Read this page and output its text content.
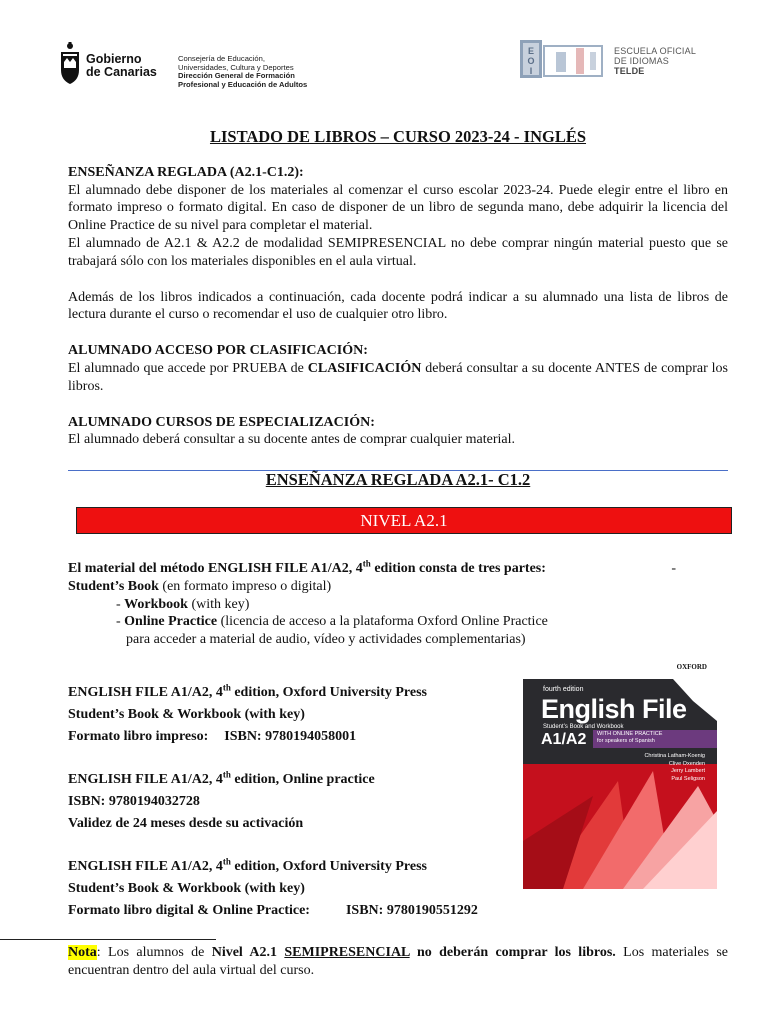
Gobierno
de Canarias
Consejería de Educación,
Universidades, Cultura y Deportes
Dirección General de Formación
Profesional y Educación de Adultos
E
O
I
ESCUELA OFICIAL
DE IDIOMAS
TELDE
LISTADO DE LIBROS – CURSO 2023-24 - INGLÉS
ENSEÑANZA REGLADA (A2.1-C1.2):
El alumnado debe disponer de los materiales al comenzar el curso escolar 2023-24. Puede elegir entre el libro en formato impreso o formato digital. En caso de disponer de un libro de segunda mano, debe adquirir la licencia del Online Practice de su nivel para completar el material.
El alumnado de A2.1 & A2.2 de modalidad SEMIPRESENCIAL no debe comprar ningún material puesto que se trabajará sólo con los materiales disponibles en el aula virtual.
Además de los libros indicados a continuación, cada docente podrá indicar a su alumnado una lista de libros de lectura durante el curso o recomendar el uso de cualquier otro libro.
ALUMNADO ACCESO POR CLASIFICACIÓN:
El alumnado que accede por PRUEBA de CLASIFICACIÓN deberá consultar a su docente ANTES de comprar los libros.
ALUMNADO CURSOS DE ESPECIALIZACIÓN:
El alumnado deberá consultar a su docente antes de comprar cualquier material.
ENSEÑANZA REGLADA A2.1- C1.2
NIVEL A2.1
El material del método ENGLISH FILE A1/A2, 4th edition consta de tres partes:	-
Student’s Book (en formato impreso o digital)
- Workbook (with key)
- Online Practice (licencia de acceso a la plataforma Oxford Online Practice
para acceder a material de audio, vídeo y actividades complementarias)
ENGLISH FILE A1/A2, 4th edition, Oxford University Press
Student’s Book & Workbook (with key)
Formato libro impreso: ISBN: 9780194058001
ENGLISH FILE A1/A2, 4th edition, Online practice
ISBN: 9780194032728
Validez de 24 meses desde su activación
ENGLISH FILE A1/A2, 4th edition, Oxford University Press
Student’s Book & Workbook (with key)
Formato libro digital & Online Practice:	ISBN: 9780190551292
OXFORD
fourth edition
English File
Student’s Book and Workbook
A1/A2 WITH ONLINE PRACTICE
for speakers of Spanish
Christina Latham-Koenig
Clive Oxenden
Jerry Lambert
Paul Seligson
Nota: Los alumnos de Nivel A2.1 SEMIPRESENCIAL no deberán comprar los libros. Los materiales se encuentran dentro del aula virtual del curso.
